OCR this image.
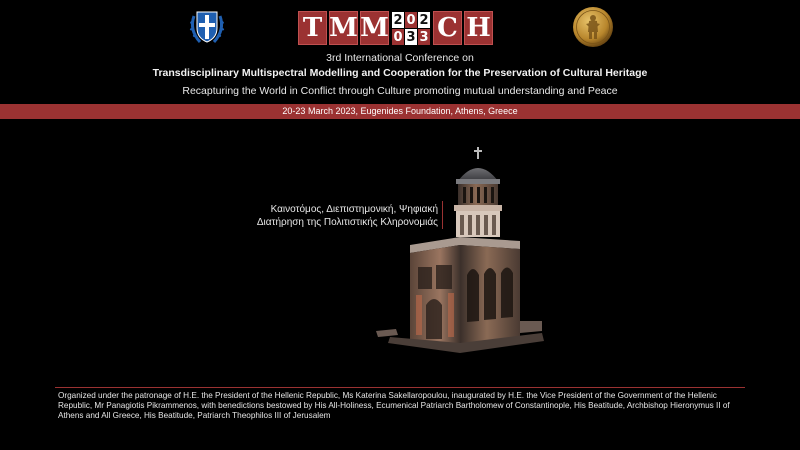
T M M 2 0 2
0 3 3 C H
3rd International Conference on
Transdisciplinary Multispectral Modelling and Cooperation for the Preservation of Cultural Heritage
Recapturing the World in Conflict through Culture promoting mutual understanding and Peace
20-23 March 2023, Eugenides Foundation, Athens, Greece
Καινοτόμος, Διεπιστημονική, Ψηφιακή
Διατήρηση της Πολιτιστικής Κληρονομιάς
Organized under the patronage of H.E. the President of the Hellenic Republic, Ms Katerina Sakellaropoulou, inaugurated by H.E. the Vice President of the Government of the Hellenic Republic, Mr Panagiotis Pikrammenos, with benedictions bestowed by His All-Holiness, Ecumenical Patriarch Bartholomew of Constantinople, His Beatitude, Archbishop Hieronymus II of Athens and All Greece, His Beatitude, Patriarch Theophilos III of Jerusalem
